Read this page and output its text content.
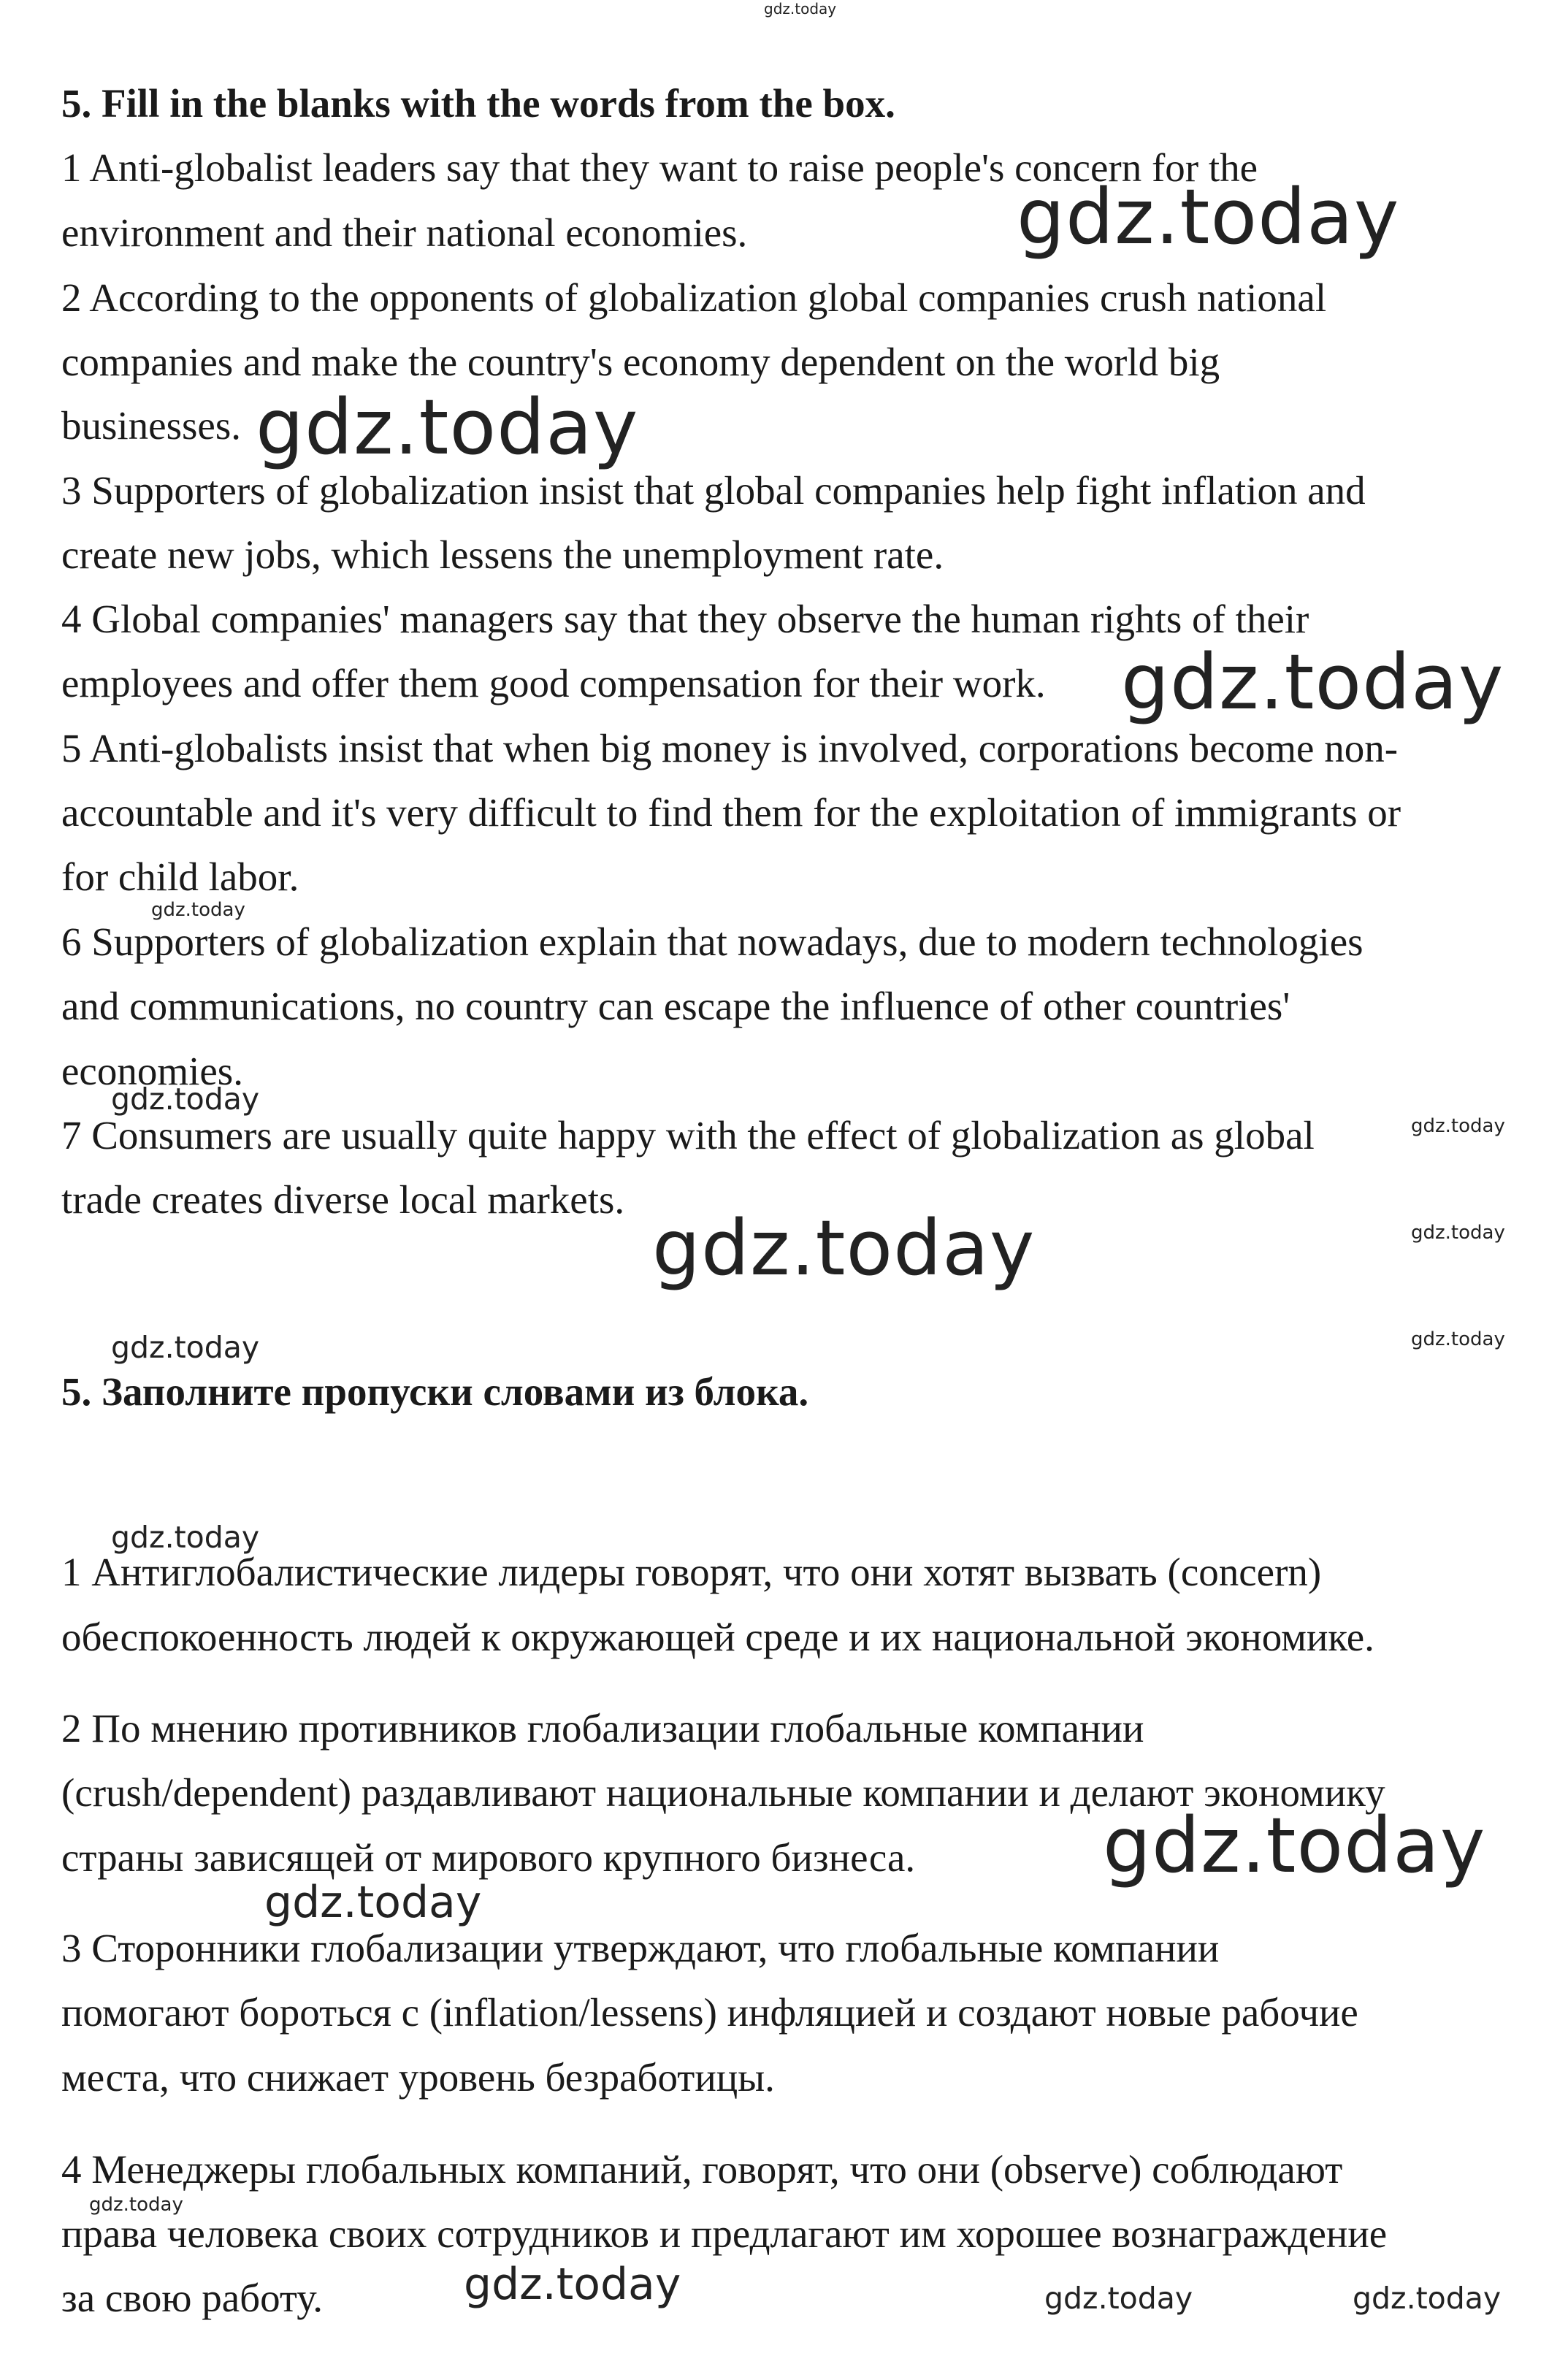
5. Fill in the blanks with the words from the box.
1 Anti-globalist leaders say that they want to raise people's concern for the
environment and their national economies.
2 According to the opponents of globalization global companies crush national
companies and make the country's economy dependent on the world big
businesses.
3 Supporters of globalization insist that global companies help fight inflation and
create new jobs, which lessens the unemployment rate.
4 Global companies' managers say that they observe the human rights of their
employees and offer them good compensation for their work.
5 Anti-globalists insist that when big money is involved, corporations become non-
accountable and it's very difficult to find them for the exploitation of immigrants or
for child labor.
6 Supporters of globalization explain that nowadays, due to modern technologies
and communications, no country can escape the influence of other countries'
economies.
7 Consumers are usually quite happy with the effect of globalization as global
trade creates diverse local markets.
5. Заполните пропуски словами из блока.
1 Антиглобалистические лидеры говорят, что они хотят вызвать (concern)
обеспокоенность людей к окружающей среде и их национальной экономике.
2 По мнению противников глобализации глобальные компании
(crush/dependent) раздавливают национальные компании и делают экономику
страны зависящей от мирового крупного бизнеса.
3 Сторонники глобализации утверждают, что глобальные компании
помогают бороться с (inflation/lessens) инфляцией и создают новые рабочие
места, что снижает уровень безработицы.
4 Менеджеры глобальных компаний, говорят, что они (observe) соблюдают
права человека своих сотрудников и предлагают им хорошее вознаграждение
за свою работу.
gdz.today
gdz.today
gdz.today
gdz.today
gdz.today
gdz.today
gdz.today
gdz.today
gdz.today
gdz.today	gdz.today
gdz.today
gdz.today
gdz.today
gdz.today
gdz.today	gdz.today	gdz.today
